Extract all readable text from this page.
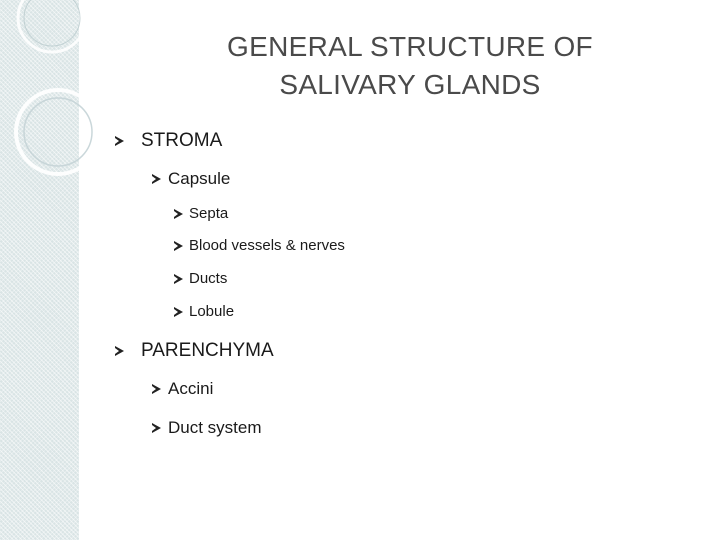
GENERAL STRUCTURE OF
SALIVARY GLANDS
STROMA
Capsule
Septa
Blood vessels & nerves
Ducts
Lobule
PARENCHYMA
Accini
Duct system
